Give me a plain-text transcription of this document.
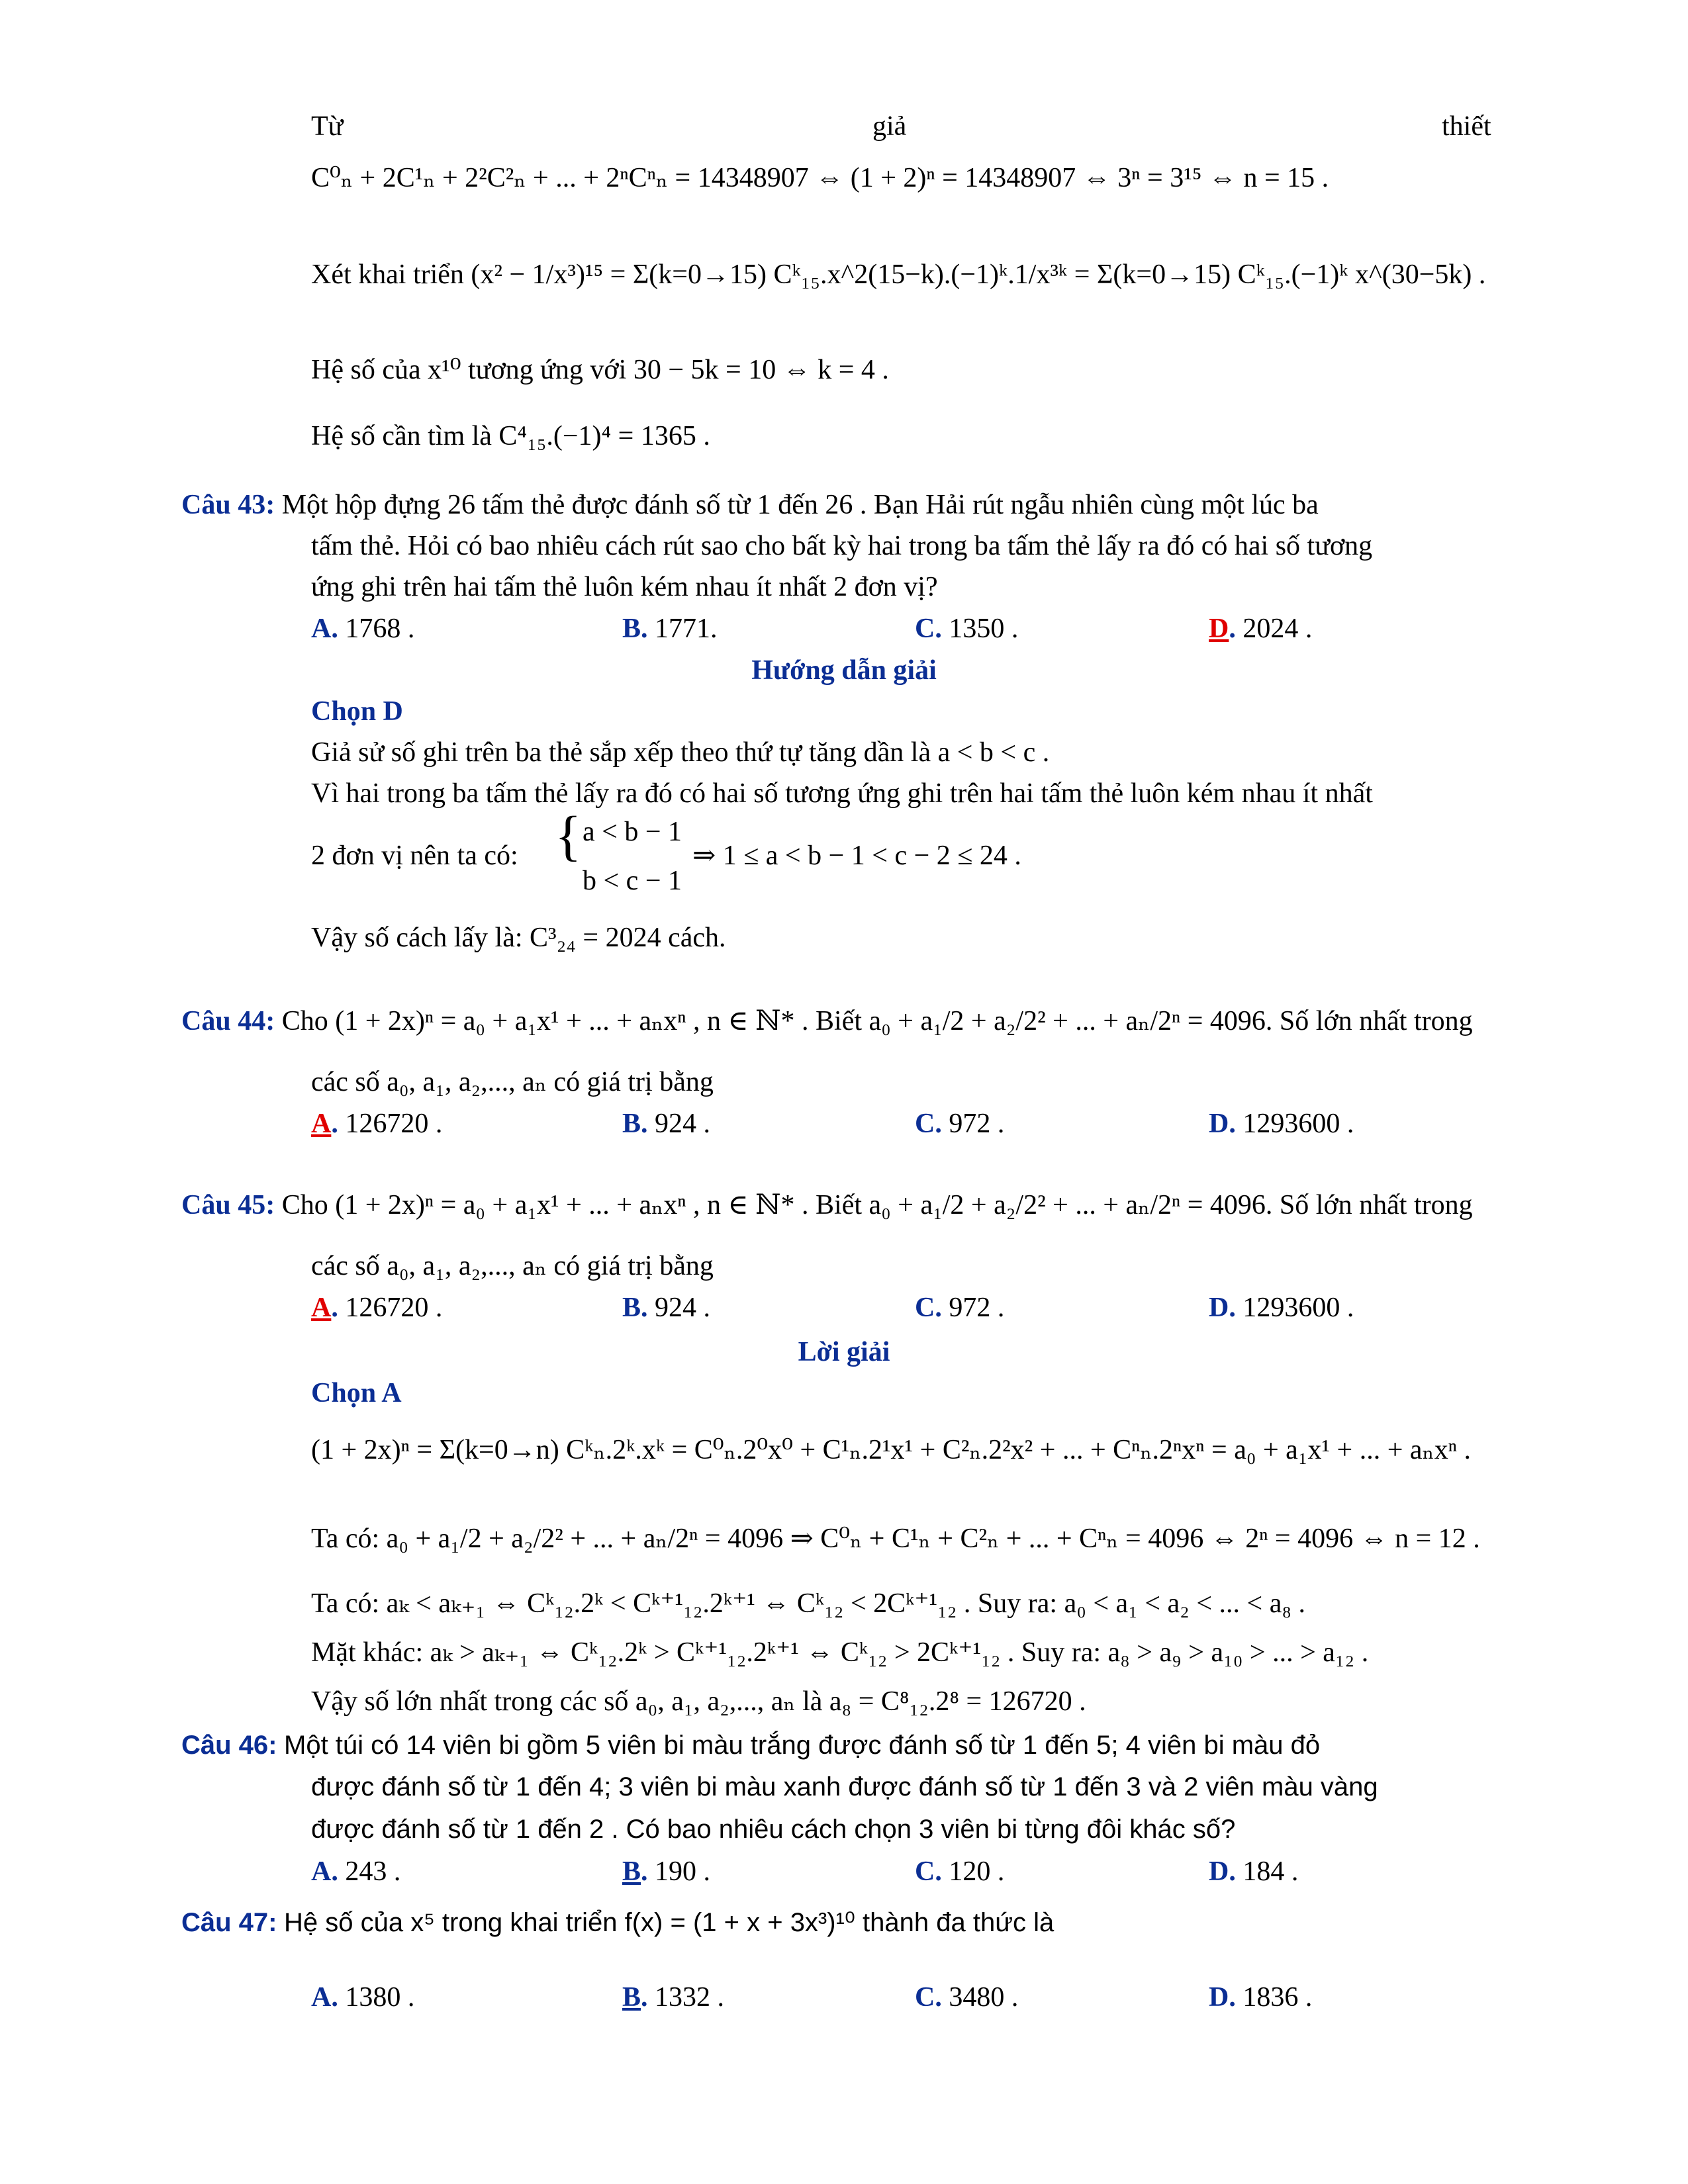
Từ	giả	thiết
C⁰ₙ + 2C¹ₙ + 2²C²ₙ + ... + 2ⁿCⁿₙ = 14348907 ⇔ (1 + 2)ⁿ = 14348907 ⇔ 3ⁿ = 3¹⁵ ⇔ n = 15 .
Xét khai triển (x² − 1/x³)¹⁵ = Σ(k=0→15) Cᵏ₁₅.x^2(15−k).(−1)ᵏ.1/x³ᵏ = Σ(k=0→15) Cᵏ₁₅.(−1)ᵏ x^(30−5k) .
Hệ số của x¹⁰ tương ứng với 30 − 5k = 10 ⇔ k = 4 .
Hệ số cần tìm là C⁴₁₅.(−1)⁴ = 1365 .
Câu 43: Một hộp đựng 26 tấm thẻ được đánh số từ 1 đến 26 . Bạn Hải rút ngẫu nhiên cùng một lúc ba
tấm thẻ. Hỏi có bao nhiêu cách rút sao cho bất kỳ hai trong ba tấm thẻ lấy ra đó có hai số tương
ứng ghi trên hai tấm thẻ luôn kém nhau ít nhất 2 đơn vị?
A. 1768 .	B. 1771.	C. 1350 .	D. 2024 .
Hướng dẫn giải
Chọn D
Giả sử số ghi trên ba thẻ sắp xếp theo thứ tự tăng dần là a < b < c .
Vì hai trong ba tấm thẻ lấy ra đó có hai số tương ứng ghi trên hai tấm thẻ luôn kém nhau ít nhất
2 đơn vị nên ta có: { a < b − 1
b < c − 1
⇒ 1 ≤ a < b − 1 < c − 2 ≤ 24 .
Vậy số cách lấy là: C³₂₄ = 2024 cách.
Câu 44: Cho (1 + 2x)ⁿ = a₀ + a₁x¹ + ... + aₙxⁿ , n ∈ ℕ* . Biết a₀ + a₁/2 + a₂/2² + ... + aₙ/2ⁿ = 4096. Số lớn nhất trong
các số a₀, a₁, a₂,..., aₙ có giá trị bằng
A. 126720 .	B. 924 .	C. 972 .	D. 1293600 .
Câu 45: Cho (1 + 2x)ⁿ = a₀ + a₁x¹ + ... + aₙxⁿ , n ∈ ℕ* . Biết a₀ + a₁/2 + a₂/2² + ... + aₙ/2ⁿ = 4096. Số lớn nhất trong
các số a₀, a₁, a₂,..., aₙ có giá trị bằng
A. 126720 .	B. 924 .	C. 972 .	D. 1293600 .
Lời giải
Chọn A
(1 + 2x)ⁿ = Σ(k=0→n) Cᵏₙ.2ᵏ.xᵏ = C⁰ₙ.2⁰x⁰ + C¹ₙ.2¹x¹ + C²ₙ.2²x² + ... + Cⁿₙ.2ⁿxⁿ = a₀ + a₁x¹ + ... + aₙxⁿ .
Ta có: a₀ + a₁/2 + a₂/2² + ... + aₙ/2ⁿ = 4096 ⇒ C⁰ₙ + C¹ₙ + C²ₙ + ... + Cⁿₙ = 4096 ⇔ 2ⁿ = 4096 ⇔ n = 12 .
Ta có: aₖ < aₖ₊₁ ⇔ Cᵏ₁₂.2ᵏ < Cᵏ⁺¹₁₂.2ᵏ⁺¹ ⇔ Cᵏ₁₂ < 2Cᵏ⁺¹₁₂ . Suy ra: a₀ < a₁ < a₂ < ... < a₈ .
Mặt khác: aₖ > aₖ₊₁ ⇔ Cᵏ₁₂.2ᵏ > Cᵏ⁺¹₁₂.2ᵏ⁺¹ ⇔ Cᵏ₁₂ > 2Cᵏ⁺¹₁₂ . Suy ra: a₈ > a₉ > a₁₀ > ... > a₁₂ .
Vậy số lớn nhất trong các số a₀, a₁, a₂,..., aₙ là a₈ = C⁸₁₂.2⁸ = 126720 .
Câu 46: Một túi có 14 viên bi gồm 5 viên bi màu trắng được đánh số từ 1 đến 5; 4 viên bi màu đỏ
được đánh số từ 1 đến 4; 3 viên bi màu xanh được đánh số từ 1 đến 3 và 2 viên màu vàng
được đánh số từ 1 đến 2 . Có bao nhiêu cách chọn 3 viên bi từng đôi khác số?
A. 243 .	B. 190 .	C. 120 .	D. 184 .
Câu 47: Hệ số của x⁵ trong khai triển f(x) = (1 + x + 3x³)¹⁰ thành đa thức là
A. 1380 .	B. 1332 .	C. 3480 .	D. 1836 .
